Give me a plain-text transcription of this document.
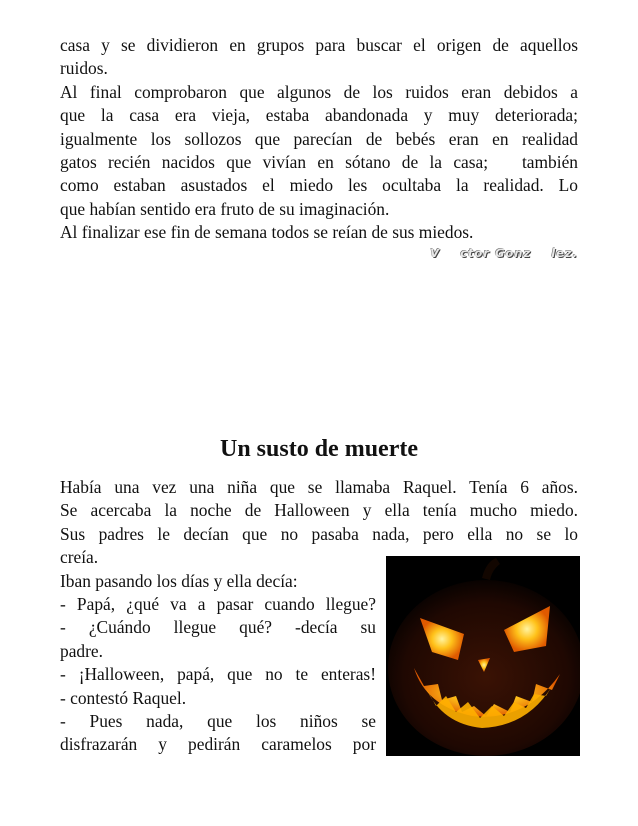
casa y se dividieron en grupos para buscar el origen de aquellos

ruidos.

Al final comprobaron que algunos de los ruidos eran debidos a

que la casa era vieja, estaba abandonada y muy deteriorada;

igualmente los sollozos que parecían de bebés eran en realidad

gatos recién nacidos que vivían en sótano de la casa;   también

como estaban asustados el miedo les ocultaba la realidad. Lo

que habían sentido era fruto de su imaginación.

Al finalizar ese fin de semana todos se reían de sus miedos.

V    ctor Gonz    lez.
Un susto de muerte

Había una vez una niña que se llamaba Raquel. Tenía 6 años.

Se acercaba la noche de Halloween y ella tenía mucho miedo.

Sus padres le decían que no pasaba nada, pero ella no se lo

creía.

Iban pasando los días y ella decía:

- Papá, ¿qué va a pasar cuando llegue?

- ¿Cuándo llegue qué? -decía su

padre.

- ¡Halloween, papá, que no te enteras!

- contestó Raquel.

- Pues nada, que los niños se

disfrazarán y pedirán caramelos por
